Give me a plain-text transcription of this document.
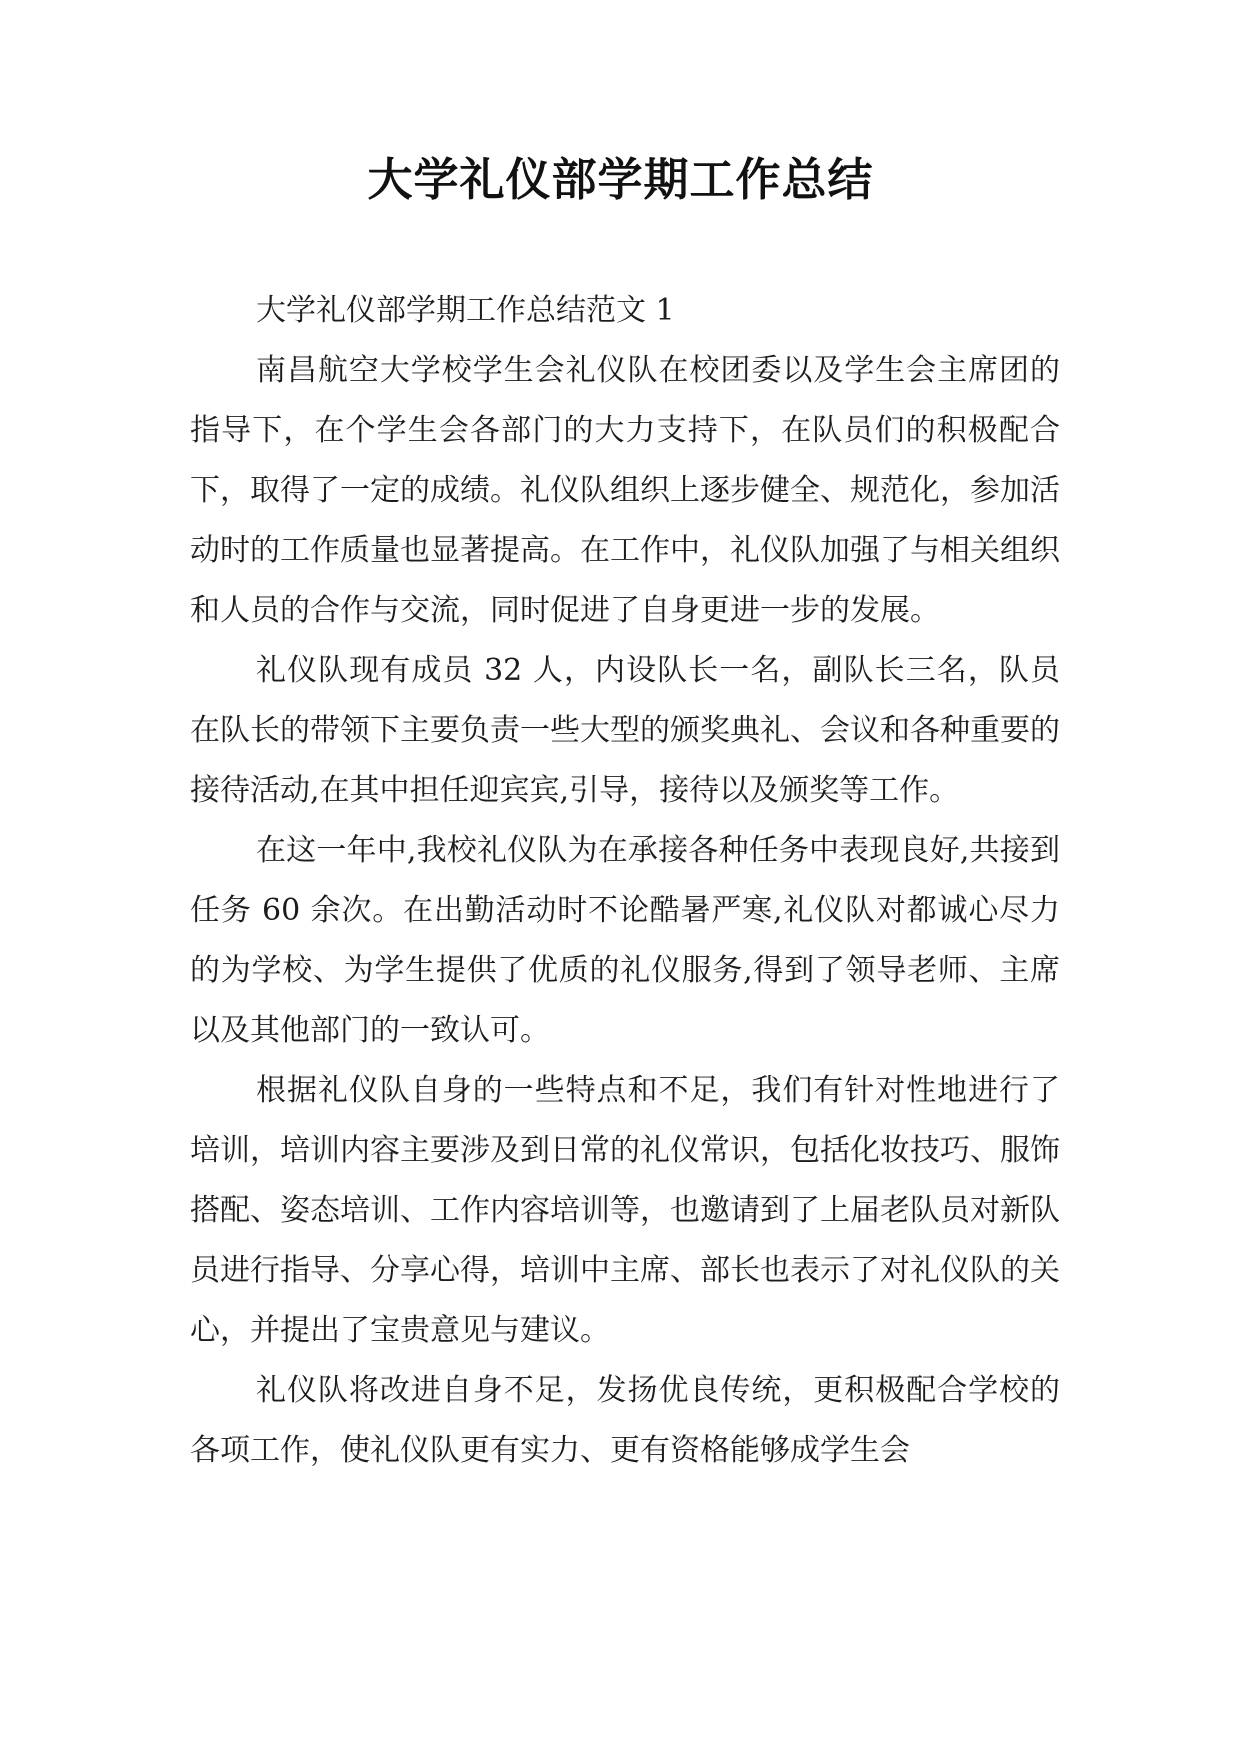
大学礼仪部学期工作总结

大学礼仪部学期工作总结范文 1

南昌航空大学校学生会礼仪队在校团委以及学生会主席团的指导下，在个学生会各部门的大力支持下，在队员们的积极配合下，取得了一定的成绩。礼仪队组织上逐步健全、规范化，参加活动时的工作质量也显著提高。在工作中，礼仪队加强了与相关组织和人员的合作与交流，同时促进了自身更进一步的发展。

礼仪队现有成员 32 人，内设队长一名，副队长三名，队员在队长的带领下主要负责一些大型的颁奖典礼、会议和各种重要的接待活动,在其中担任迎宾宾,引导，接待以及颁奖等工作。

在这一年中,我校礼仪队为在承接各种任务中表现良好,共接到任务 60 余次。在出勤活动时不论酷暑严寒,礼仪队对都诚心尽力的为学校、为学生提供了优质的礼仪服务,得到了领导老师、主席以及其他部门的一致认可。

根据礼仪队自身的一些特点和不足，我们有针对性地进行了培训，培训内容主要涉及到日常的礼仪常识，包括化妆技巧、服饰搭配、姿态培训、工作内容培训等，也邀请到了上届老队员对新队员进行指导、分享心得，培训中主席、部长也表示了对礼仪队的关心，并提出了宝贵意见与建议。

礼仪队将改进自身不足，发扬优良传统，更积极配合学校的各项工作，使礼仪队更有实力、更有资格能够成学生会
